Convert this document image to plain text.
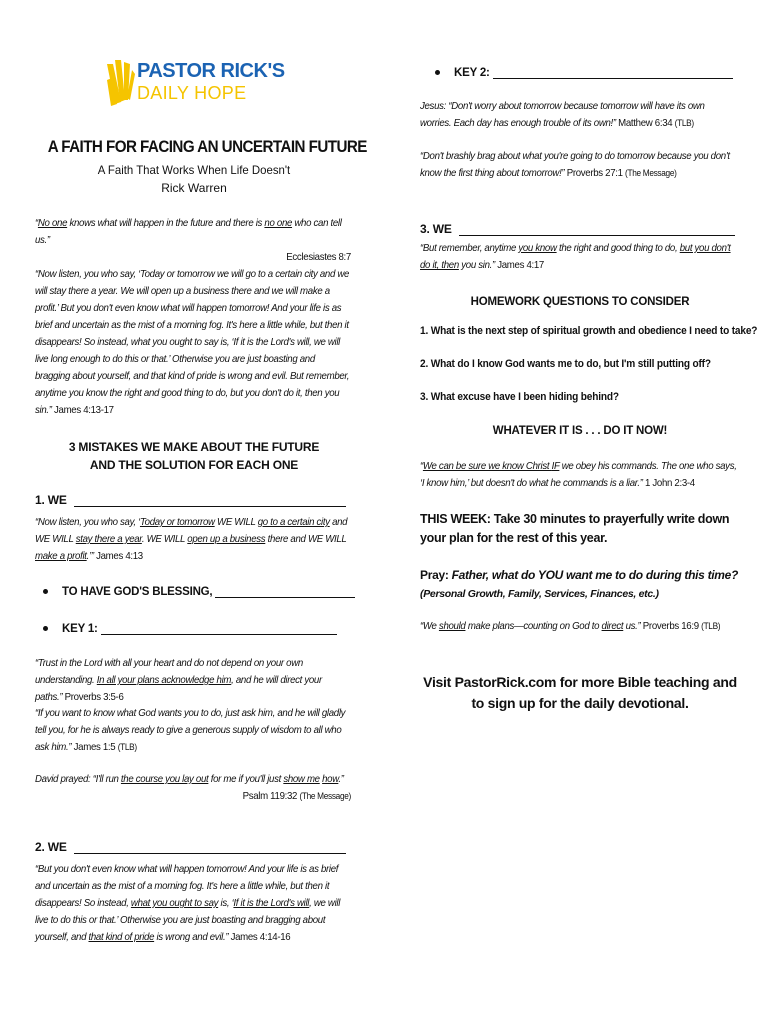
PASTOR RICK'S
DAILY HOPE
A FAITH FOR FACING AN UNCERTAIN FUTURE
A Faith That Works When Life Doesn't
Rick Warren
“No one knows what will happen in the future and there is no one who can tell us.”
Ecclesiastes 8:7
“Now listen, you who say, ‘Today or tomorrow we will go to a certain city and we will stay there a year. We will open up a business there and we will make a profit.’ But you don't even know what will happen tomorrow! And your life is as brief and uncertain as the mist of a morning fog. It's here a little while, but then it disappears! So instead, what you ought to say is, ‘If it is the Lord's will, we will live long enough to do this or that.’ Otherwise you are just boasting and bragging about yourself, and that kind of pride is wrong and evil. But remember, anytime you know the right and good thing to do, but you don't do it, then you sin.” James 4:13-17
3 MISTAKES WE MAKE ABOUT THE FUTURE
AND THE SOLUTION FOR EACH ONE
1. WE
“Now listen, you who say, ‘Today or tomorrow WE WILL go to a certain city and WE WILL stay there a year. WE WILL open up a business there and WE WILL make a profit.’” James 4:13
TO HAVE GOD'S BLESSING,
KEY 1:
“Trust in the Lord with all your heart and do not depend on your own understanding. In all your plans acknowledge him, and he will direct your paths.” Proverbs 3:5-6
“If you want to know what God wants you to do, just ask him, and he will gladly tell you, for he is always ready to give a generous supply of wisdom to all who ask him.” James 1:5 (TLB)
David prayed: “I'll run the course you lay out for me if you'll just show me how.”
Psalm 119:32 (The Message)
2. WE
“But you don't even know what will happen tomorrow! And your life is as brief and uncertain as the mist of a morning fog. It's here a little while, but then it disappears! So instead, what you ought to say is, ‘If it is the Lord's will, we will live to do this or that.’ Otherwise you are just boasting and bragging about yourself, and that kind of pride is wrong and evil.” James 4:14-16
KEY 2:
Jesus: “Don't worry about tomorrow because tomorrow will have its own worries. Each day has enough trouble of its own!” Matthew 6:34 (TLB)
“Don't brashly brag about what you're going to do tomorrow because you don't know the first thing about tomorrow!” Proverbs 27:1 (The Message)
3. WE
“But remember, anytime you know the right and good thing to do, but you don't do it, then you sin.” James 4:17
HOMEWORK QUESTIONS TO CONSIDER
1. What is the next step of spiritual growth and obedience I need to take?
2. What do I know God wants me to do, but I'm still putting off?
3. What excuse have I been hiding behind?
WHATEVER IT IS . . . DO IT NOW!
“We can be sure we know Christ IF we obey his commands. The one who says, ‘I know him,’ but doesn't do what he commands is a liar.” 1 John 2:3-4
THIS WEEK: Take 30 minutes to prayerfully write down your plan for the rest of this year.
Pray: Father, what do YOU want me to do during this time?
(Personal Growth, Family, Services, Finances, etc.)
“We should make plans—counting on God to direct us.” Proverbs 16:9 (TLB)
Visit PastorRick.com for more Bible teaching and
to sign up for the daily devotional.
